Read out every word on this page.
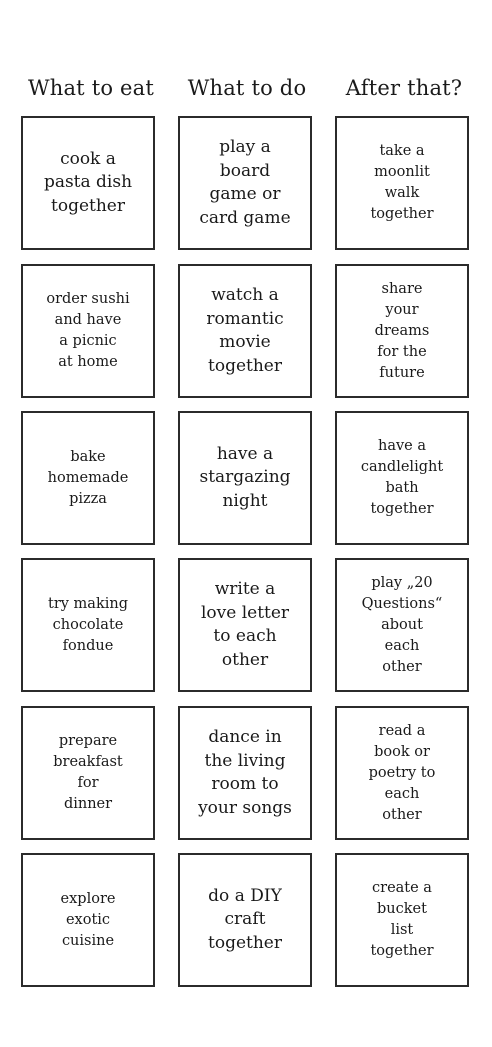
What to eat	What to do	After that?
cook a
pasta dish
together
order sushi
and have
a picnic
at home
bake
homemade
pizza
try making
chocolate
fondue
prepare
breakfast
for
dinner
explore
exotic
cuisine
play a
board
game or
card game
watch a
romantic
movie
together
have a
stargazing
night
write a
love letter
to each
other
dance in
the living
room to
your songs
do a DIY
craft
together
take a
moonlit
walk
together
share
your
dreams
for the
future
have a
candlelight
bath
together
play „20
Questions“
about
each
other
read a
book or
poetry to
each
other
create a
bucket
list
together
